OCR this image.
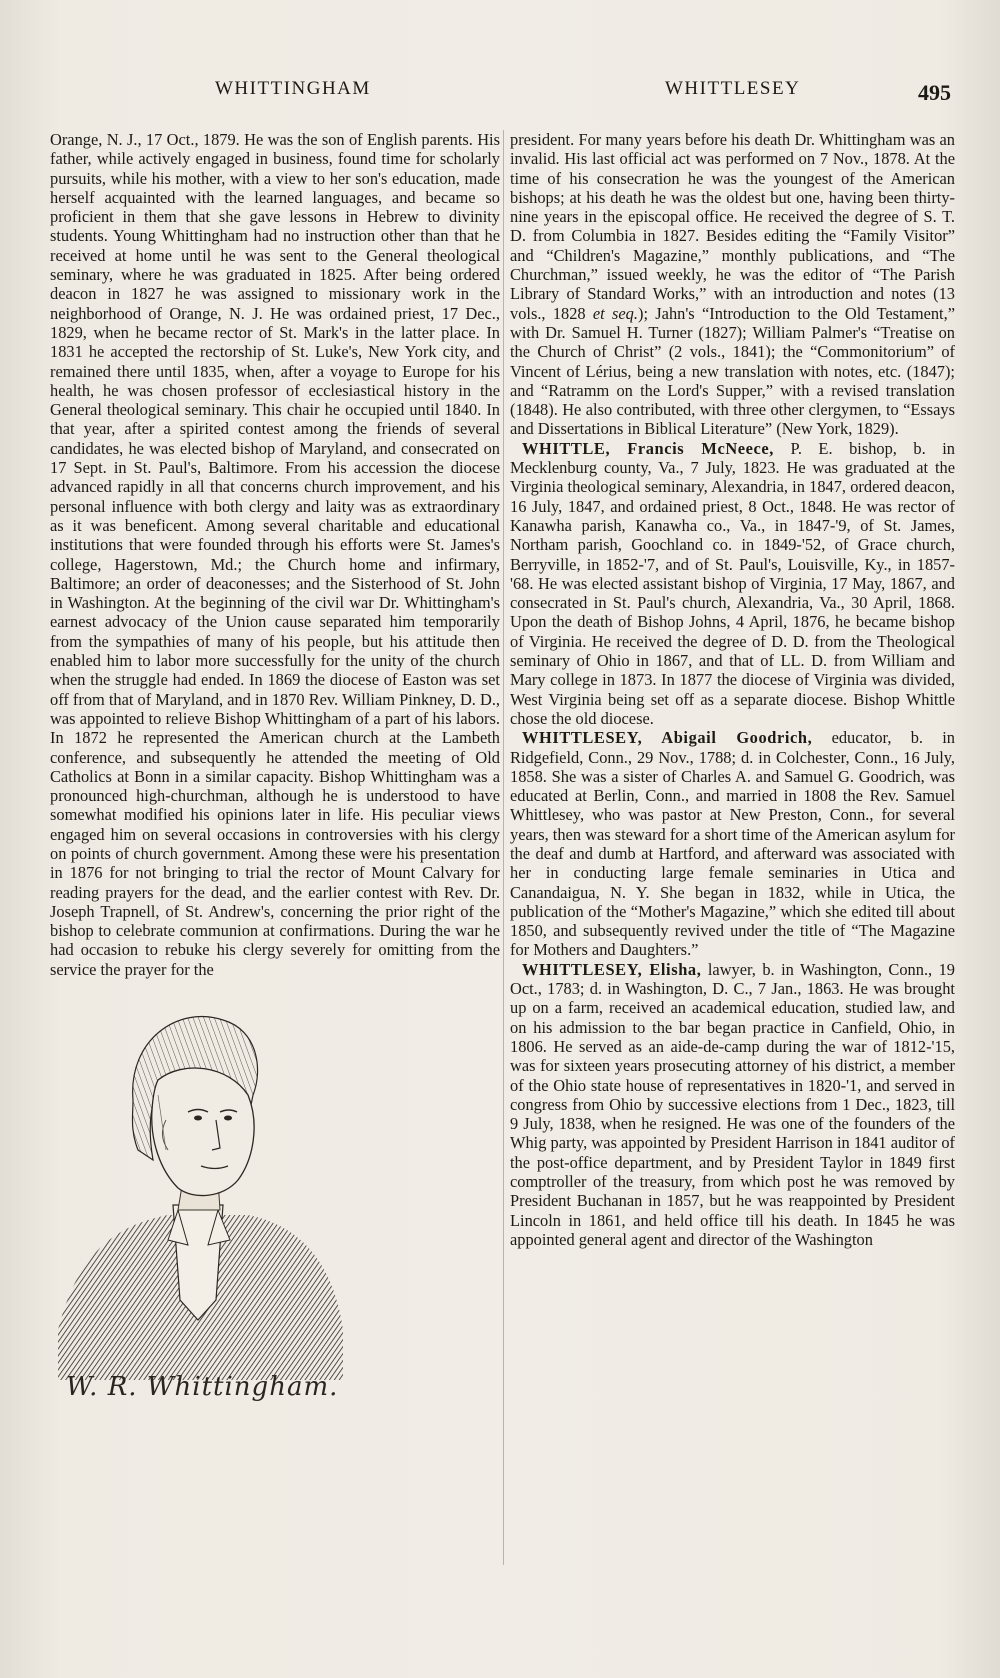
WHITTINGHAM	WHITTLESEY	495

Orange, N. J., 17 Oct., 1879. He was the son of English parents. His father, while actively engaged in business, found time for scholarly pursuits, while his mother, with a view to her son's education, made herself acquainted with the learned languages, and became so proficient in them that she gave lessons in Hebrew to divinity students. Young Whittingham had no instruction other than that he received at home until he was sent to the General theological seminary, where he was graduated in 1825. After being ordered deacon in 1827 he was assigned to missionary work in the neighborhood of Orange, N. J. He was ordained priest, 17 Dec., 1829, when he became rector of St. Mark's in the latter place. In 1831 he accepted the rectorship of St. Luke's, New York city, and remained there until 1835, when, after a voyage to Europe for his health, he was chosen professor of ecclesiastical history in the General theological seminary. This chair he occupied until 1840. In that year, after a spirited contest among the friends of several candidates, he was elected bishop of Maryland, and consecrated on 17 Sept. in St. Paul's, Baltimore. From his accession the diocese advanced rapidly in all that concerns church improvement, and his personal influence with both clergy and laity was as extraordinary as it was beneficent. Among several charitable and educational institutions that were founded through his efforts were St. James's college, Hagerstown, Md.; the Church home and infirmary, Baltimore; an order of deaconesses; and the Sisterhood of St. John in Washington. At the beginning of the civil war Dr. Whittingham's earnest advocacy of the Union cause separated him temporarily from the sympathies of many of his people, but his attitude then enabled him to labor more successfully for the unity of the church when the struggle had ended. In 1869 the diocese of Easton was set off from that of Maryland, and in 1870 Rev. William Pinkney, D. D., was appointed to relieve Bishop Whittingham of a part of his labors. In 1872 he represented the American church at the Lambeth conference, and subsequently he attended the meeting of Old Catholics at Bonn in a similar capacity. Bishop Whittingham was a pronounced high-churchman, although he is understood to have somewhat modified his opinions later in life. His peculiar views engaged him on several occasions in controversies with his clergy on points of church government. Among these were his presentation in 1876 for not bringing to trial the rector of Mount Calvary for reading prayers for the dead, and the earlier contest with Rev. Dr. Joseph Trapnell, of St. Andrew's, concerning the prior right of the bishop to celebrate communion at confirmations. During the war he had occasion to rebuke his clergy severely for omitting from the service the prayer for the

W. R. Whittingham.

president. For many years before his death Dr. Whittingham was an invalid. His last official act was performed on 7 Nov., 1878. At the time of his consecration he was the youngest of the American bishops; at his death he was the oldest but one, having been thirty-nine years in the episcopal office. He received the degree of S. T. D. from Columbia in 1827. Besides editing the “Family Visitor” and “Children's Magazine,” monthly publications, and “The Churchman,” issued weekly, he was the editor of “The Parish Library of Standard Works,” with an introduction and notes (13 vols., 1828 et seq.); Jahn's “Introduction to the Old Testament,” with Dr. Samuel H. Turner (1827); William Palmer's “Treatise on the Church of Christ” (2 vols., 1841); the “Commonitorium” of Vincent of Lérius, being a new translation with notes, etc. (1847); and “Ratramm on the Lord's Supper,” with a revised translation (1848). He also contributed, with three other clergymen, to “Essays and Dissertations in Biblical Literature” (New York, 1829).

WHITTLE, Francis McNeece, P. E. bishop, b. in Mecklenburg county, Va., 7 July, 1823. He was graduated at the Virginia theological seminary, Alexandria, in 1847, ordered deacon, 16 July, 1847, and ordained priest, 8 Oct., 1848. He was rector of Kanawha parish, Kanawha co., Va., in 1847-'9, of St. James, Northam parish, Goochland co. in 1849-'52, of Grace church, Berryville, in 1852-'7, and of St. Paul's, Louisville, Ky., in 1857-'68. He was elected assistant bishop of Virginia, 17 May, 1867, and consecrated in St. Paul's church, Alexandria, Va., 30 April, 1868. Upon the death of Bishop Johns, 4 April, 1876, he became bishop of Virginia. He received the degree of D. D. from the Theological seminary of Ohio in 1867, and that of LL. D. from William and Mary college in 1873. In 1877 the diocese of Virginia was divided, West Virginia being set off as a separate diocese. Bishop Whittle chose the old diocese.

WHITTLESEY, Abigail Goodrich, educator, b. in Ridgefield, Conn., 29 Nov., 1788; d. in Colchester, Conn., 16 July, 1858. She was a sister of Charles A. and Samuel G. Goodrich, was educated at Berlin, Conn., and married in 1808 the Rev. Samuel Whittlesey, who was pastor at New Preston, Conn., for several years, then was steward for a short time of the American asylum for the deaf and dumb at Hartford, and afterward was associated with her in conducting large female seminaries in Utica and Canandaigua, N. Y. She began in 1832, while in Utica, the publication of the “Mother's Magazine,” which she edited till about 1850, and subsequently revived under the title of “The Magazine for Mothers and Daughters.”

WHITTLESEY, Elisha, lawyer, b. in Washington, Conn., 19 Oct., 1783; d. in Washington, D. C., 7 Jan., 1863. He was brought up on a farm, received an academical education, studied law, and on his admission to the bar began practice in Canfield, Ohio, in 1806. He served as an aide-de-camp during the war of 1812-'15, was for sixteen years prosecuting attorney of his district, a member of the Ohio state house of representatives in 1820-'1, and served in congress from Ohio by successive elections from 1 Dec., 1823, till 9 July, 1838, when he resigned. He was one of the founders of the Whig party, was appointed by President Harrison in 1841 auditor of the post-office department, and by President Taylor in 1849 first comptroller of the treasury, from which post he was removed by President Buchanan in 1857, but he was reappointed by President Lincoln in 1861, and held office till his death. In 1845 he was appointed general agent and director of the Washington
